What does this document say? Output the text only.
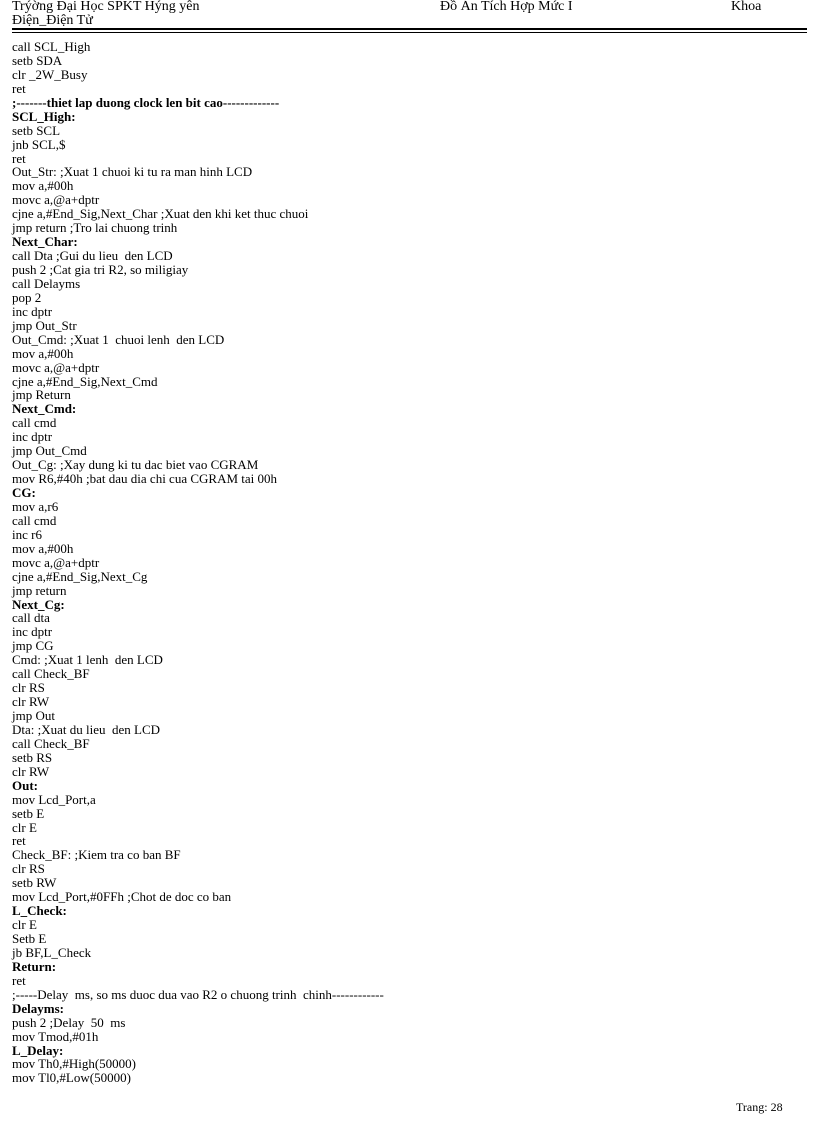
Trýờng Đại Học SPKT Hýng yên
Điện_Điện Tử
Đồ Án Tích Hợp Mức I	Khoa
call SCL_High
setb SDA
clr _2W_Busy
ret
;-------thiet lap duong clock len bit cao-------------
SCL_High:
setb SCL
jnb SCL,$
ret
Out_Str: ;Xuat 1 chuoi ki tu ra man hinh LCD
mov a,#00h
movc a,@a+dptr
cjne a,#End_Sig,Next_Char ;Xuat den khi ket thuc chuoi
jmp return ;Tro lai chuong trinh
Next_Char:
call Dta ;Gui du lieu  den LCD
push 2 ;Cat gia tri R2, so miligiay
call Delayms
pop 2
inc dptr
jmp Out_Str
Out_Cmd: ;Xuat 1  chuoi lenh  den LCD
mov a,#00h
movc a,@a+dptr
cjne a,#End_Sig,Next_Cmd
jmp Return
Next_Cmd:
call cmd
inc dptr
jmp Out_Cmd
Out_Cg: ;Xay dung ki tu dac biet vao CGRAM
mov R6,#40h ;bat dau dia chi cua CGRAM tai 00h
CG:
mov a,r6
call cmd
inc r6
mov a,#00h
movc a,@a+dptr
cjne a,#End_Sig,Next_Cg
jmp return
Next_Cg:
call dta
inc dptr
jmp CG
Cmd: ;Xuat 1 lenh  den LCD
call Check_BF
clr RS
clr RW
jmp Out
Dta: ;Xuat du lieu  den LCD
call Check_BF
setb RS
clr RW
Out:
mov Lcd_Port,a
setb E
clr E
ret
Check_BF: ;Kiem tra co ban BF
clr RS
setb RW
mov Lcd_Port,#0FFh ;Chot de doc co ban
L_Check:
clr E
Setb E
jb BF,L_Check
Return:
ret
;-----Delay  ms, so ms duoc dua vao R2 o chuong trinh  chinh------------
Delayms:
push 2 ;Delay  50  ms
mov Tmod,#01h
L_Delay:
mov Th0,#High(50000)
mov Tl0,#Low(50000)
Trang: 28
